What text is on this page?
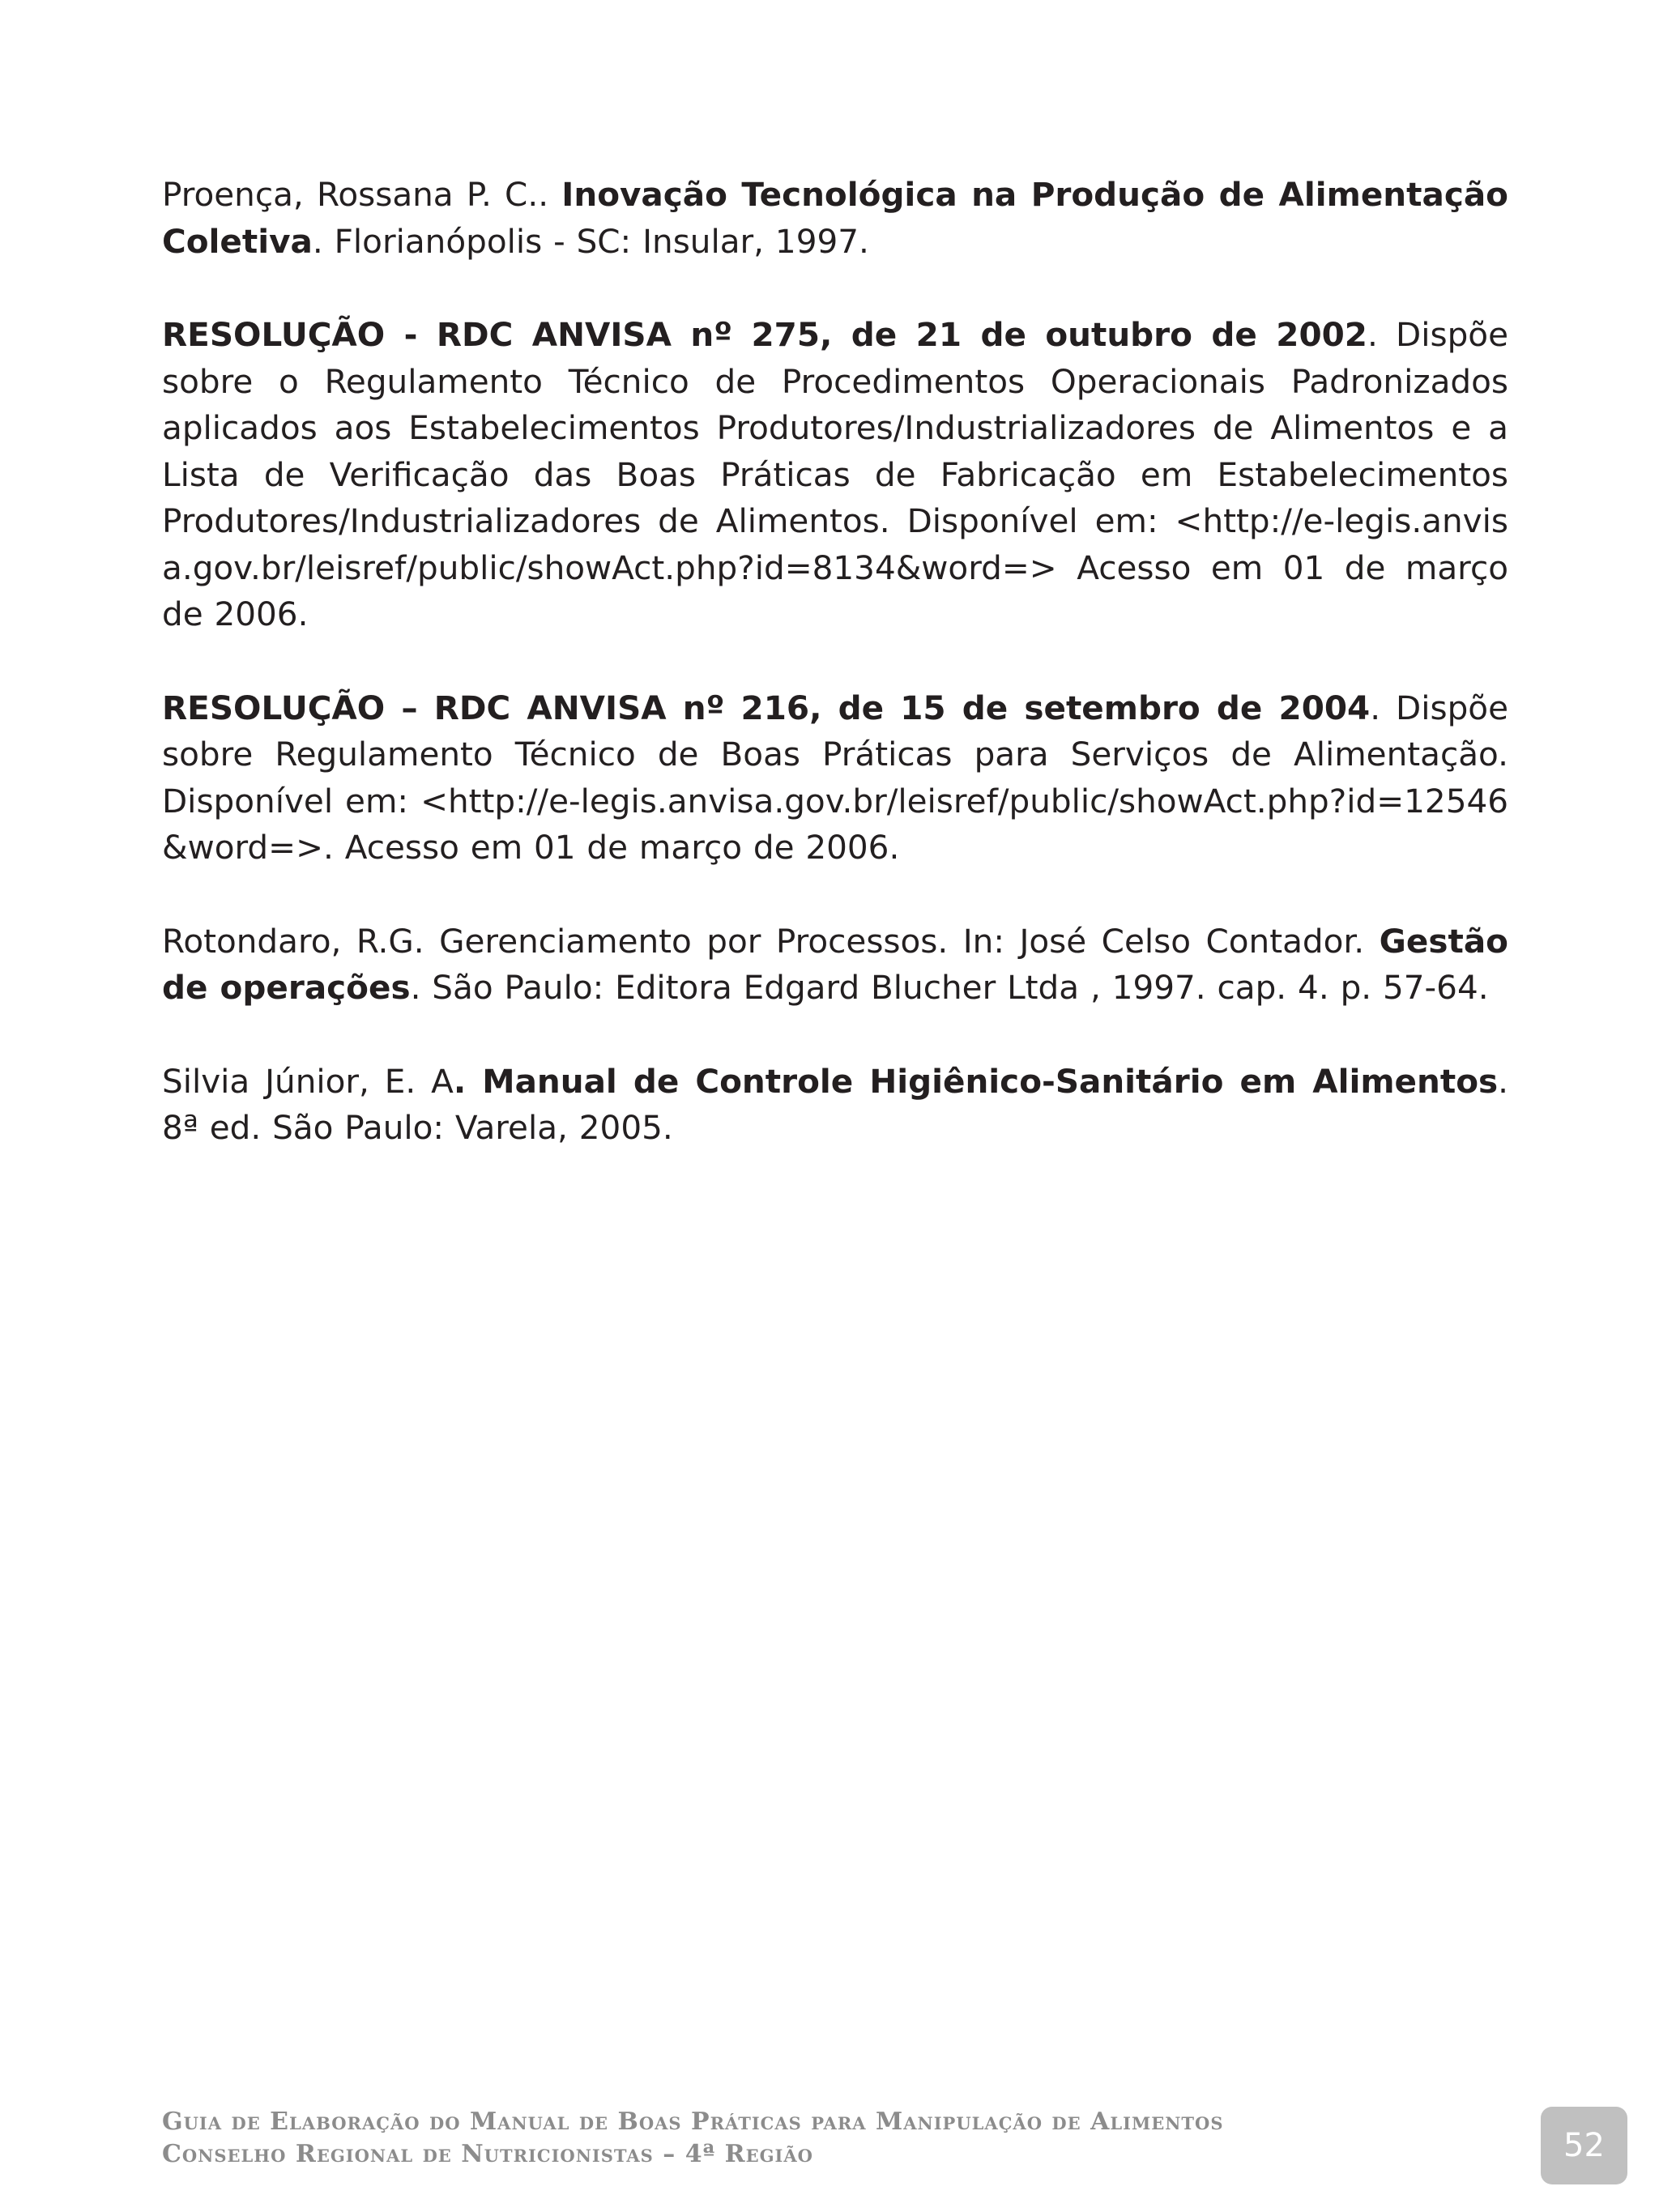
Proença, Rossana P. C.. Inovação Tecnológica na Produção de Alimentação Coletiva. Florianópolis - SC: Insular, 1997.

RESOLUÇÃO - RDC ANVISA nº 275, de 21 de outubro de 2002. Dispõe sobre o Regulamento Técnico de Procedimentos Operacionais Padronizados aplicados aos Estabelecimentos Produtores/Industrializadores de Alimentos e a Lista de Verificação das Boas Práticas de Fabricação em Estabelecimentos Produtores/Industrializadores de Alimentos. Disponível em: <http://e-legis.anvisa.gov.br/leisref/public/showAct.php?id=8134&word=> Acesso em 01 de março de 2006.

RESOLUÇÃO – RDC ANVISA nº 216, de 15 de setembro de 2004. Dispõe sobre Regulamento Técnico de Boas Práticas para Serviços de Alimentação. Disponível em: <http://e-legis.anvisa.gov.br/leisref/public/showAct.php?id=12546&word=>. Acesso em 01 de março de 2006.

Rotondaro, R.G. Gerenciamento por Processos. In: José Celso Contador. Gestão de operações. São Paulo: Editora Edgard Blucher Ltda , 1997. cap. 4. p. 57-64.

Silvia Júnior, E. A. Manual de Controle Higiênico-Sanitário em Alimentos. 8ª ed. São Paulo: Varela, 2005.

Guia de Elaboração do Manual de Boas Práticas para Manipulação de Alimentos
Conselho Regional de Nutricionistas – 4ª Região	52
